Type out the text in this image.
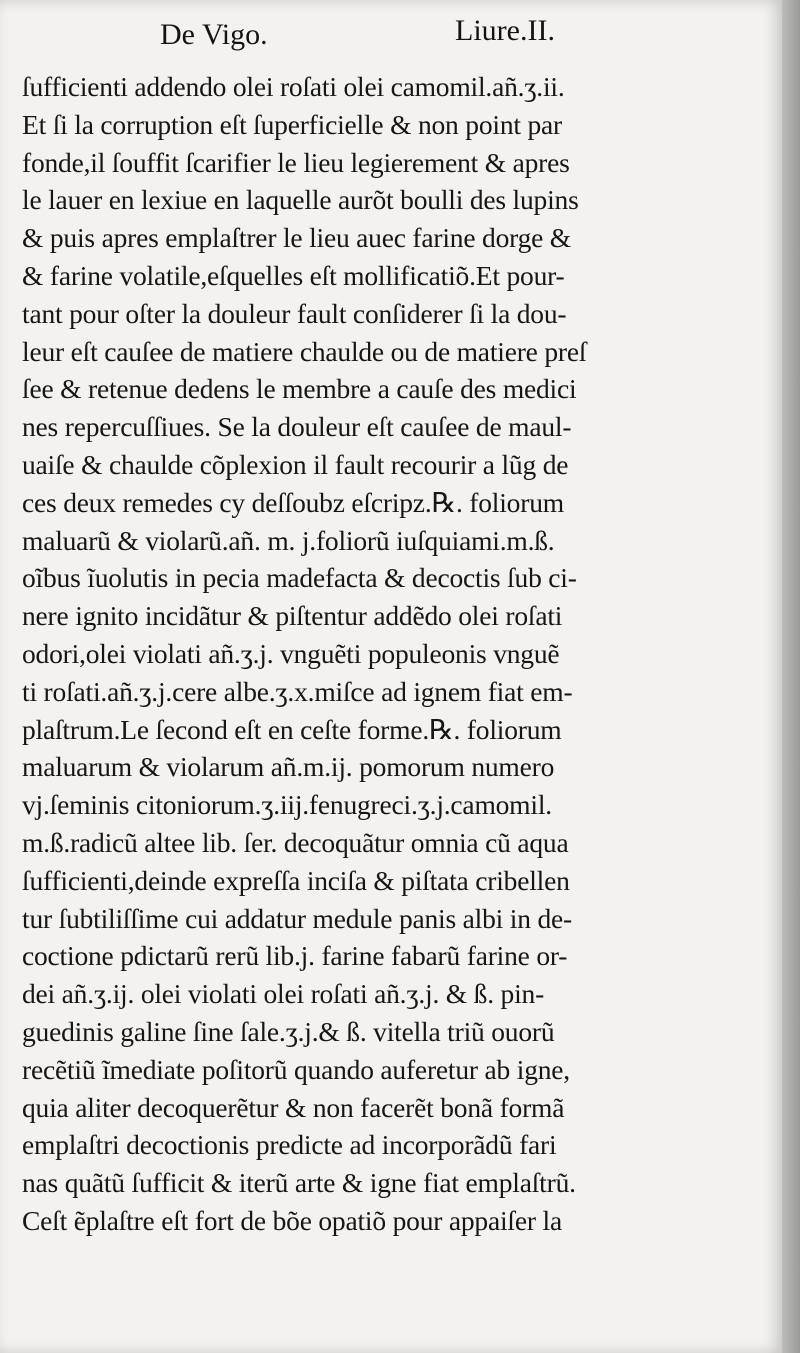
De Vigo.	Liure.II.
ſufficienti addendo olei roſati olei camomil.añ.ʒ.ii.
Et ſi la corruption eſt ſuperficielle & non point par
fonde,il ſouffit ſcarifier le lieu legierement & apres
le lauer en lexiue en laquelle aurõt boulli des lupins
& puis apres emplaſtrer le lieu auec farine dorge &
& farine volatile,eſquelles eſt mollificatiõ.Et pour-
tant pour oſter la douleur fault conſiderer ſi la dou-
leur eſt cauſee de matiere chaulde ou de matiere preſ
ſee & retenue dedens le membre a cauſe des medici
nes repercuſſiues. Se la douleur eſt cauſee de maul-
uaiſe & chaulde cõplexion il fault recourir a lũg de
ces deux remedes cy deſſoubz eſcripz.℞. foliorum
maluarũ & violarũ.añ. m. j.foliorũ iuſquiami.m.ß.
oĩbus ĩuolutis in pecia madefacta & decoctis ſub ci-
nere ignito incidãtur & piſtentur addẽdo olei roſati
odori,olei violati añ.ʒ.j. vnguẽti populeonis vnguẽ
ti roſati.añ.ʒ.j.cere albe.ʒ.x.miſce ad ignem fiat em-
plaſtrum.Le ſecond eſt en ceſte forme.℞. foliorum
maluarum & violarum añ.m.ij. pomorum numero
vj.ſeminis citoniorum.ʒ.iij.fenugreci.ʒ.j.camomil.
m.ß.radicũ altee lib. ſer. decoquãtur omnia cũ aqua
ſufficienti,deinde expreſſa inciſa & piſtata cribellen
tur ſubtiliſſime cui addatur medule panis albi in de-
coctione pdictarũ rerũ lib.j. farine fabarũ farine or-
dei añ.ʒ.ij. olei violati olei roſati añ.ʒ.j. & ß. pin-
guedinis galine ſine ſale.ʒ.j.& ß. vitella triũ ouorũ
recẽtiũ ĩmediate poſitorũ quando auferetur ab igne,
quia aliter decoquerẽtur & non facerẽt bonã formã
emplaſtri decoctionis predicte ad incorporãdũ fari
nas quãtũ ſufficit & iterũ arte & igne fiat emplaſtrũ.
Ceſt ẽplaſtre eſt fort de bõe opatiõ pour appaiſer la
